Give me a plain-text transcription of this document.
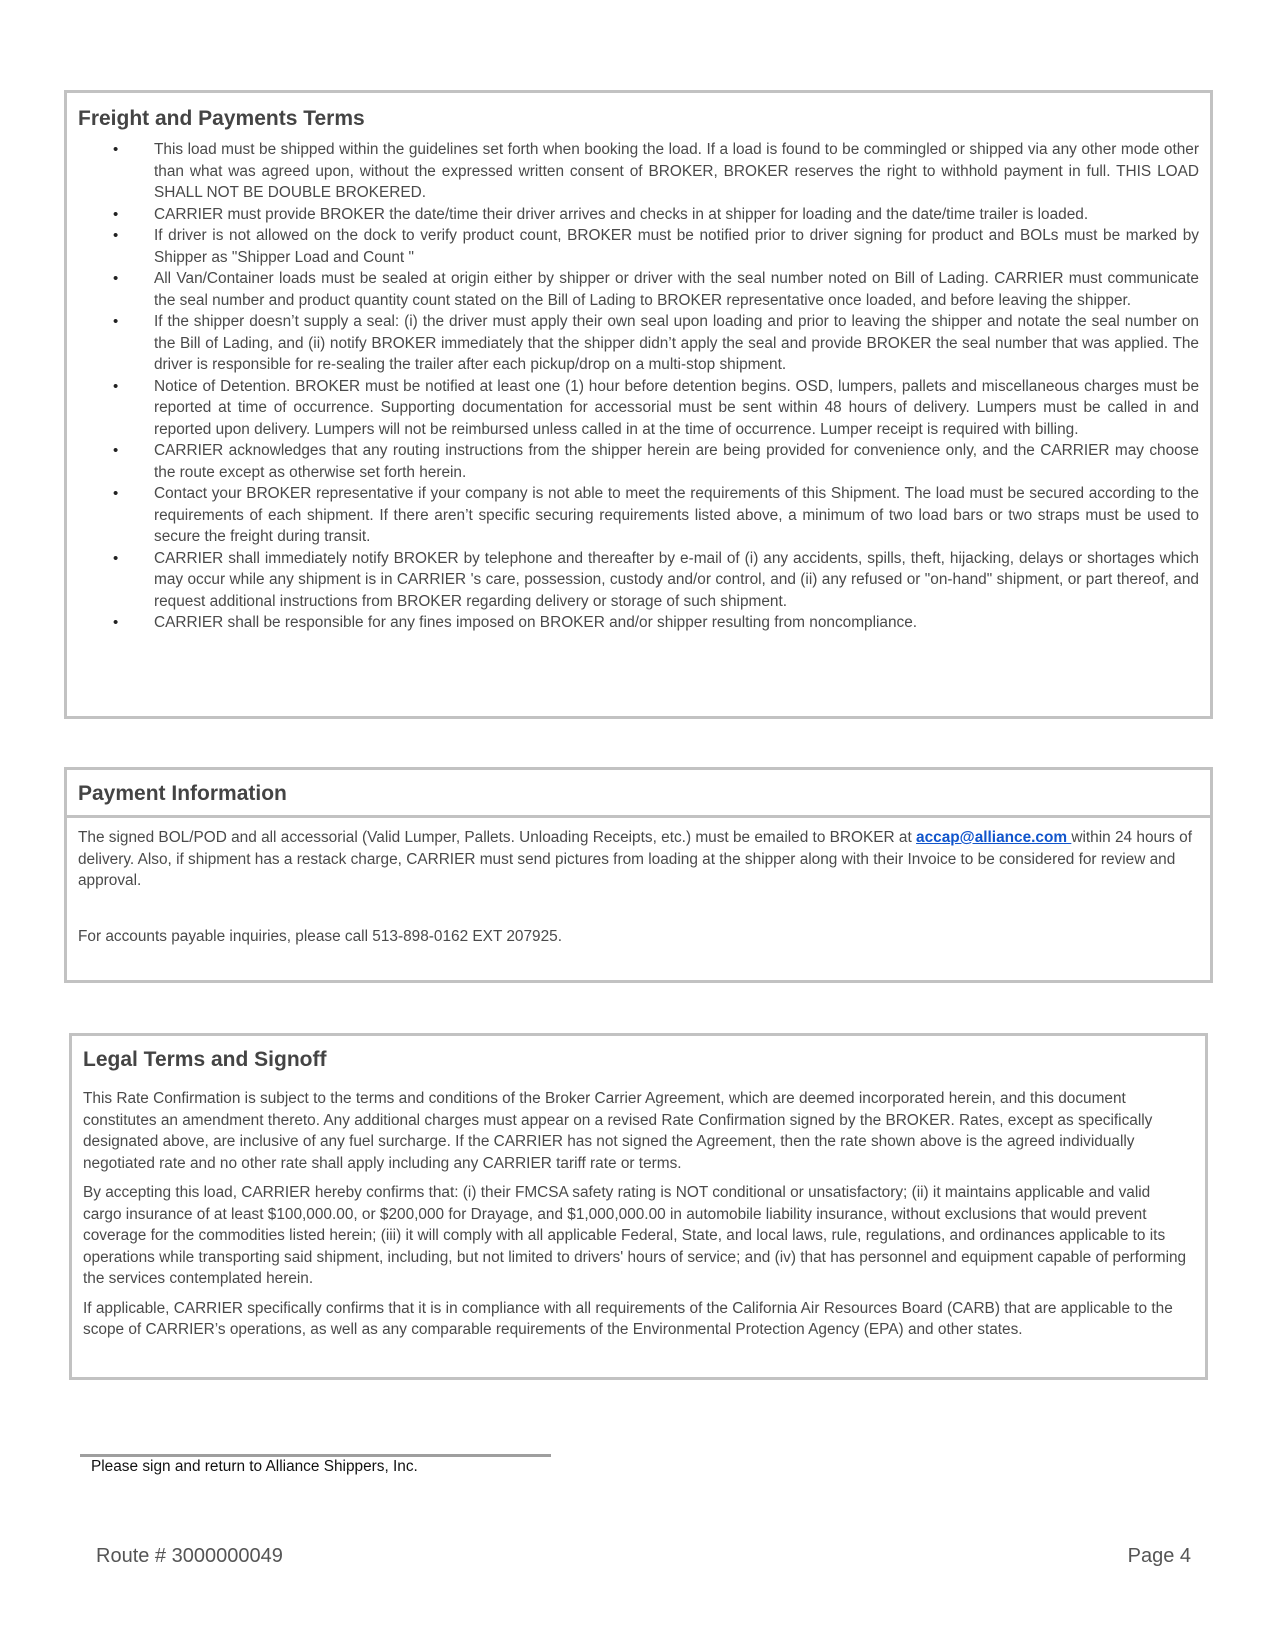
Freight and Payments Terms
• This load must be shipped within the guidelines set forth when booking the load. If a load is found to be commingled or shipped via any other mode other than what was agreed upon, without the expressed written consent of BROKER, BROKER reserves the right to withhold payment in full. THIS LOAD SHALL NOT BE DOUBLE BROKERED.
• CARRIER must provide BROKER the date/time their driver arrives and checks in at shipper for loading and the date/time trailer is loaded.
• If driver is not allowed on the dock to verify product count, BROKER must be notified prior to driver signing for product and BOLs must be marked by Shipper as "Shipper Load and Count "
• All Van/Container loads must be sealed at origin either by shipper or driver with the seal number noted on Bill of Lading. CARRIER must communicate the seal number and product quantity count stated on the Bill of Lading to BROKER representative once loaded, and before leaving the shipper.
• If the shipper doesn’t supply a seal: (i) the driver must apply their own seal upon loading and prior to leaving the shipper and notate the seal number on the Bill of Lading, and (ii) notify BROKER immediately that the shipper didn’t apply the seal and provide BROKER the seal number that was applied. The driver is responsible for re-sealing the trailer after each pickup/drop on a multi-stop shipment.
• Notice of Detention. BROKER must be notified at least one (1) hour before detention begins. OSD, lumpers, pallets and miscellaneous charges must be reported at time of occurrence. Supporting documentation for accessorial must be sent within 48 hours of delivery. Lumpers must be called in and reported upon delivery. Lumpers will not be reimbursed unless called in at the time of occurrence. Lumper receipt is required with billing.
• CARRIER acknowledges that any routing instructions from the shipper herein are being provided for convenience only, and the CARRIER may choose the route except as otherwise set forth herein.
• Contact your BROKER representative if your company is not able to meet the requirements of this Shipment. The load must be secured according to the requirements of each shipment. If there aren’t specific securing requirements listed above, a minimum of two load bars or two straps must be used to secure the freight during transit.
• CARRIER shall immediately notify BROKER by telephone and thereafter by e-mail of (i) any accidents, spills, theft, hijacking, delays or shortages which may occur while any shipment is in CARRIER 's care, possession, custody and/or control, and (ii) any refused or "on-hand" shipment, or part thereof, and request additional instructions from BROKER regarding delivery or storage of such shipment.
• CARRIER shall be responsible for any fines imposed on BROKER and/or shipper resulting from noncompliance.
Payment Information

The signed BOL/POD and all accessorial (Valid Lumper, Pallets. Unloading Receipts, etc.) must be emailed to BROKER at accap@alliance.com within 24 hours of delivery. Also, if shipment has a restack charge, CARRIER must send pictures from loading at the shipper along with their Invoice to be considered for review and approval.

For accounts payable inquiries, please call 513-898-0162 EXT 207925.

Legal Terms and Signoff

This Rate Confirmation is subject to the terms and conditions of the Broker Carrier Agreement, which are deemed incorporated herein, and this document constitutes an amendment thereto. Any additional charges must appear on a revised Rate Confirmation signed by the BROKER. Rates, except as specifically designated above, are inclusive of any fuel surcharge. If the CARRIER has not signed the Agreement, then the rate shown above is the agreed individually negotiated rate and no other rate shall apply including any CARRIER tariff rate or terms.

By accepting this load, CARRIER hereby confirms that: (i) their FMCSA safety rating is NOT conditional or unsatisfactory; (ii) it maintains applicable and valid cargo insurance of at least $100,000.00, or $200,000 for Drayage, and $1,000,000.00 in automobile liability insurance, without exclusions that would prevent coverage for the commodities listed herein; (iii) it will comply with all applicable Federal, State, and local laws, rule, regulations, and ordinances applicable to its operations while transporting said shipment, including, but not limited to drivers' hours of service; and (iv) that has personnel and equipment capable of performing the services contemplated herein.

If applicable, CARRIER specifically confirms that it is in compliance with all requirements of the California Air Resources Board (CARB) that are applicable to the scope of CARRIER’s operations, as well as any comparable requirements of the Environmental Protection Agency (EPA) and other states.

Please sign and return to Alliance Shippers, Inc.
Route # 3000000049	Page 4
